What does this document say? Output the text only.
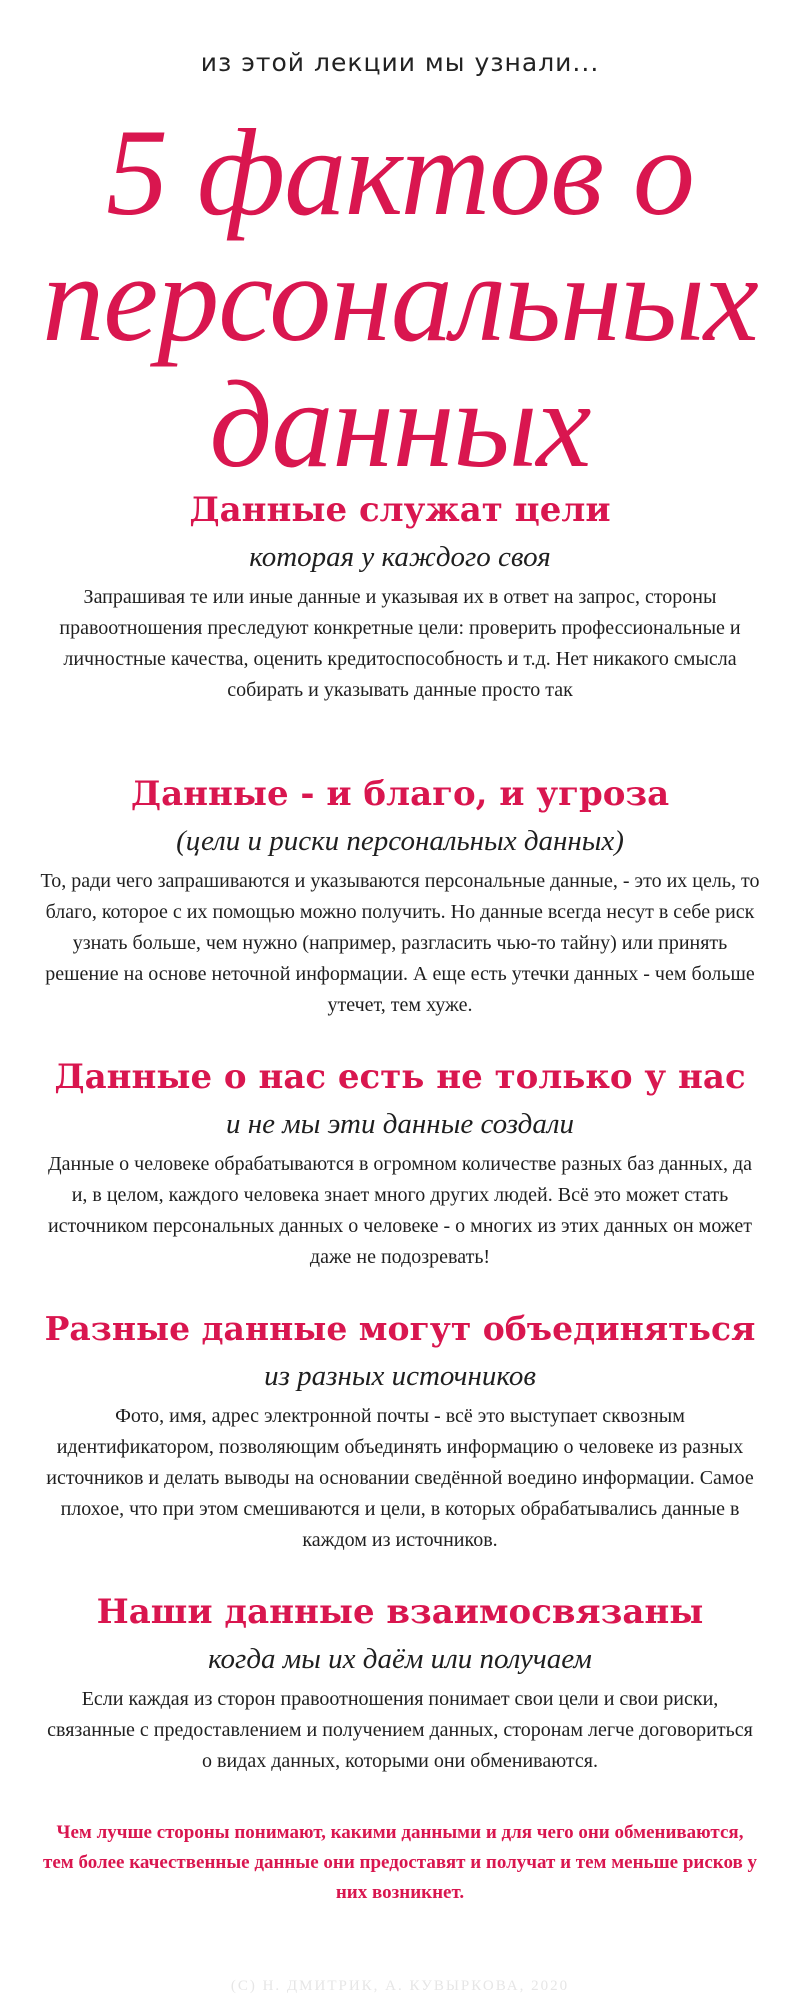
из этой лекции мы узнали...
5 фактов о
персональных
данных
Данные служат цели
которая у каждого своя
Запрашивая те или иные данные и указывая их в ответ на запрос, стороны правоотношения преследуют конкретные цели: проверить профессиональные и личностные качества, оценить кредитоспособность и т.д. Нет никакого смысла собирать и указывать данные просто так
Данные - и благо, и угроза
(цели и риски персональных данных)
То, ради чего запрашиваются и указываются персональные данные, - это их цель, то благо, которое с их помощью можно получить. Но данные всегда несут в себе риск узнать больше, чем нужно (например, разгласить чью-то тайну) или принять решение на основе неточной информации. А еще есть утечки данных - чем больше утечет, тем хуже.
Данные о нас есть не только у нас
и не мы эти данные создали
Данные о человеке обрабатываются в огромном количестве разных баз данных, да и, в целом, каждого человека знает много других людей. Всё это может стать источником персональных данных о человеке - о многих из этих данных он может даже не подозревать!
Разные данные могут объединяться
из разных источников
Фото, имя, адрес электронной почты - всё это выступает сквозным идентификатором, позволяющим объединять информацию о человеке из разных источников и делать выводы на основании сведённой воедино информации. Самое плохое, что при этом смешиваются и цели, в которых обрабатывались данные в каждом из источников.
Наши данные взаимосвязаны
когда мы их даём или получаем
Если каждая из сторон правоотношения понимает свои цели и свои риски, связанные с предоставлением и получением данных, сторонам легче договориться о видах данных, которыми они обмениваются.
Чем лучше стороны понимают, какими данными и для чего они обмениваются, тем более качественные данные они предоставят и получат и тем меньше рисков у них возникнет.
(С) Н. ДМИТРИК, А. КУВЫРКОВА, 2020
